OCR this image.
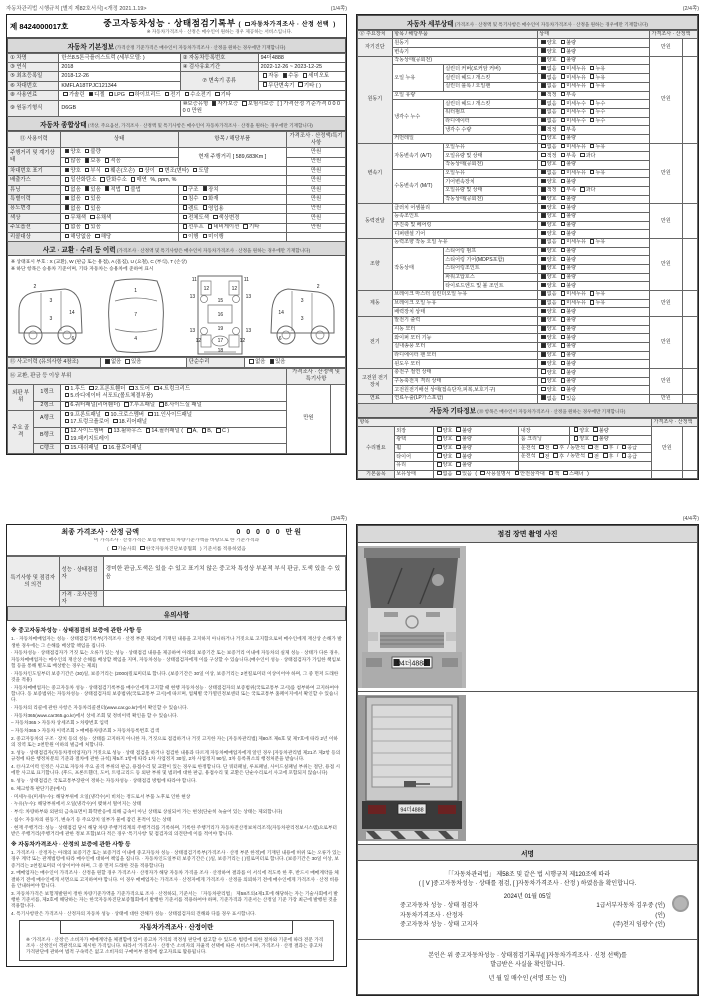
자동차관리법 시행규칙 [별지 제82호서식] <개정 2021.1.19>	(1/4쪽)
제 8424000017호	중고자동차성능 · 상태점검기록부 ( 자동차가격조사 · 산정 선택 )
※ 자동차가격조사 · 산정은 매수인이 원하는 경우 제공하는 서비스입니다.
자동차 기본정보 (가격산정 기준가격은 매수인이 자동차가격조사 · 산정을 원하는 경우에만 기재합니다)
① 차명	한쓰8.5톤극플러스트럭 (세부모델: )	② 자동차등록번호	94더4888
③ 연식	2018	④ 검사유효기간	2022-12-26 ~ 2023-12-25
⑤ 최초등록일	2018-12-26	⑦ 변속기 종류	자동 수동 세미오토
⑥ 차대번호	KMFLA18TPJC121344		무단변속기 기타 ( )
⑧ 사용연료	가솔린 디젤 LPG 하이브리드 전기 수소전기 기타		
⑨ 원동기형식	D6GB	⑩보증유형 자가보증 보험사보증 [ ] 가격산정 기준가격 0 0 0 0 0 만원	
자동차 종합상태 (색상, 주요옵션, 가격조사 · 산정액 및 특기사항은 매수인이 자동차가격조사 · 산정을 원하는 경우에만 기재합니다)
⑪ 사용이력	상태	항목 / 해당부품	가격조사 · 산정액/특기사항
주행거리 및 계기상태	양호 불량	현재 주행거리 [ 589,683Km ]	만원
	많음 보통 적음		만원
차대번호 표기	양호 부식 훼손(오손) 상이 변조(변타) 도말		만원
배출가스	일산화탄소 탄화수소 매연 %, ppm, %		만원
튜닝	없음 있음 적법 불법	구조 장치	만원
특별이력	없음 있음	침수 화재	만원
용도변경	없음 있음	렌트 영업용	만원
색상	무채색 유채색	전체도색 색상변경	만원
주요옵션	없음 있음	선루프 네비게이션 기타	만원
리콜대상	해당없음 해당	이행 미이행	
사고 · 교환 · 수리 등 이력 (가격조사 · 산정액 및 특기사항은 매수인이 자동차가격조사 · 산정을 원하는 경우에만 기재합니다)
※ 상태표시 부호 : X (교환), W (판금 또는 용접), A (흠집), U (요철), C (부식), T (손상)
※ 하단 항목은 승용차 기준이며, 기타 자동차는 승용차에 준하여 표시
2
3
14
3
6
1
7
4
11	11
12	12
13	13
15
16
13	13
19
12	17	12
18
2
3
14
3
6
⑮ 사고이력 (유의사항 4참조)	없음 있음	단순수리	없음 있음
⑯ 교환, 판금 등 이상 부위			가격조사 · 산정액 및 특기사항	
외판 부위	1랭크	1.후드 2.프론트휀더 3.도어 4.트렁크리드
5.라디에이터 서포트(볼트체결부품)	만원	
	2랭크	6.쿼터패널(리어휀더) 7.루프패널 8.사이드실 패널		
주요 골격	A랭크	9.프론트패널 10.크로스멤버 11.인사이드패널
17.트렁크플로어 18.리어패널		
	B랭크	12.사이드멤버 13.휠하우스 14.필러패널 ( A, B, C )
19.패키지트레이		
	C랭크	15.대쉬패널 16.플로어패널		
(2/4쪽)
자동차 세부상태 (가격조사 · 산정액 및 특기사항은 매수인이 자동차가격조사 · 산정을 원하는 경우에만 기재합니다)
⑰ 주요장치	항목 / 해당부품		상태	가격조사 · 산정액	
자기진단	원동기		양호 불량	만원	
	변속기		양호 불량		
원동기	작동상태(공회전)		양호 불량	만원	
	오일 누유	실린더 커버(로커암 커버)	없음 미세누유 누유		
		실린더 헤드 / 개스킷	없음 미세누유 누유		
		실린더 블록 / 오일팬	없음 미세누유 누유		
	오일 유량		적정 부족		
	냉각수 누수	실린더 헤드 / 개스킷	없음 미세누수 누수		
		워터펌프	없음 미세누수 누수		
		라디에이터	없음 미세누수 누수		
		냉각수 수량	적정 부족		
	커먼레일		양호 불량		
변속기	자동변속기 (A/T)	오일누유	없음 미세누유 누유	만원	
		오일유량 및 상태	적정 부족 과다		
		작동상태(공회전)	양호 불량		
	수동변속기 (M/T)	오일누유	없음 미세누유 누유		
		기어변속장치	양호 불량		
		오일유량 및 상태	적정 부족 과다		
		작동상태(공회전)	양호 불량		
동력전달	클러치 어셈블리		양호 불량	만원	
	등속조인트		양호 불량		
	추진축 및 베어링		양호 불량		
	디퍼렌셜 기어		양호 불량		
조향	동력조향 작동 오일 누유		없음 미세누유 누유	만원	
	작동상태	스티어링 펌프	양호 불량		
		스티어링 기어(MDPS포함)	양호 불량		
		스티어링조인트	양호 불량		
		파워고압호스	양호 불량		
		타이로드엔드 및 볼 조인트	양호 불량		
제동	브레이크 마스터 실린더오일 누유		없음 미세누유 누유	만원	
	브레이크 오일 누유		없음 미세누유 누유		
	배력장치 상태		양호 불량		
전기	발전기 출력		양호 불량	만원	
	시동 모터		양호 불량		
	와이퍼 모터 기능		양호 불량		
	실내송풍 모터		양호 불량		
	라디에이터 팬 모터		양호 불량		
	윈도우 모터		양호 불량		
고전원 전기장치	충전구 절연 상태		양호 불량	만원	
	구동축전지 격리 상태		양호 불량		
	고전원전기배선 상태(접속단자,피복,보호기구)		양호 불량		
연료	연료누출(LP가스포함)		없음 있음	만원	
자동차 기타정보 (⑱ 항목은 매수인이 자동차가격조사 · 산정을 원하는 경우에만 기재합니다)
항목					가격조사 · 산정액	
수리필요	외장	양호 불량	내장	양호 불량	만원	
	광택	양호 불량	룸 크리닝	양호 불량		
	휠	양호 불량	운전석 전 후 / 동반석 전 후 / 응급			
	타이어	양호 불량	운전석 전 후 / 동반석 전 후 / 응급			
	유리	양호 불량				
기본품목	보유상태	없음 있음 ( 사용설명서 안전삼각대 잭 스패너 )				
(3/4쪽)
최종 가격조사 · 산정 금액	0 0 0 0 0 만원
이 가격조사 · 산정가격은 보험개발원의 차량기준가액을 바탕으로 한 기준가격과
( 기술사회 한국자동차진단보증협회 ) 기준서를 적용하였음
특기사항 및 점검자의 의견	성능 · 상태점검자	경미한 판금,도색은 있을 수 있고 표기치 않은 중고차 특성상 부분적 부식 판금, 도색 있을 수 있음
	가격 · 조사산정자	
유의사항
※ 중고자동차성능 · 상태점검의 보증에 관한 사항 등
1. · 자동차매매업자는 성능 · 상태점검기록부(가격조사 · 산정 부분 제외)에 기재된 내용을 고지하지 아니하거나 거짓으로 고지함으로써 매수인에게 재산상 손해가 발생한 경우에는 그 손해를 배상할 책임을 집니다.
· 자동차성능 · 상태점검자가 거짓 또는 오류가 있는 성능 · 상태점검 내용을 제공하여 아래의 보증기간 또는 보증거리 이내에 자동차의 실제 성능 · 상태가 다른 경우, 자동차매매업자는 매수인의 재산상 손해를 배상할 책임을 지며, 자동차성능 · 상태점검자에게 이를 구상할 수 있습니다.(매수인이 성능 · 상태점검자가 가입한 책임보험 등을 통해 별도로 배상받는 경우는 제외)
· 자동차인도일부터 보증기간은 (30)일, 보증거리는 (2000)킬로미터로 합니다. (보증기간은 30일 이상, 보증거리는 2천킬로미터 이상이어야 하며, 그 중 먼저 도래한 것을 적용)
· 자동차매매업자는 중고자동차 성능 · 상태점검기록부를 매수인에게 고지할 때 현행 자동차성능 · 상태점검자의 보증범위(국토교통부 고시)를 첨부하여 고지하여야 합니다. 동 보증범위는 자동차성능 · 상태점검자의 보증범위(국토교통부 고시)에 따르며, 업체별 국가열린정보센터 또는 국토교통부 홈페이지에서 확인할 수 있습니다.
· 자동차의 리콜에 관한 사항은 자동차리콜센터(www.car.go.kr)에서 확인할 수 있습니다.
· 자동차365(www.car365.go.kr)에서 상세 조회 및 정비이력 확인을 할 수 있습니다.
– 자동차365 > 자동차 상세조회 > 차량번호 입력
– 자동차365 > 자동차 이력조회 > 매매용차량조회 > 자동차등록번호 검색
2. 중고자동차의 구조 · 장치 등의 성능 · 상태를 고지하지 아니한 자, 거짓으로 점검하거나 거짓 고지한 자는 [자동차관리법] 제80조 제6호 및 제7호에 따라 2년 이하의 징역 또는 2천만원 이하의 벌금에 처합니다.
3. 성능 · 상태점검자(자동차정비업자)가 거짓으로 성능 · 상태 점검을 하거나 점검한 내용과 다르게 자동차매매업자에게 알린 경우 [자동차관리법 제21조 제2항 등의 규정에 따른 행정처분의 기준과 절차에 관한 규칙] 제5조 1항에 따라 1차 사업정지 30일, 2차 사업정지 90일, 3차 등록취소의 행정처분을 받습니다.
4. ⑮사고이력 인정은 사고로 자동차 주요 골격 부위의 판금, 용접수리 및 교환이 있는 경우로 한정합니다. 단 쿼터패널, 루프패널, 사이드실패널 부위는 절단, 용접 시에만 사고로 표기합니다. (후드, 프론트휀더, 도어, 트렁크리드 등 외판 부위 및 범퍼에 대한 판금, 용접수리 및 교환은 단순수리로서 사고에 포함되지 않습니다)
5. 성능 · 상태점검은 국토교통부장관이 정하는 자동차성능 · 상태점검 방법에 따라야 합니다.
6. 체크항목 판단기준(예시)
· 미세누유(미세누수): 해당부위에 오일(냉각수)이 비치는 정도로서 부품 노후로 인한 현상
· 누유(누수): 해당부위에서 오일(냉각수)이 맺혀서 떨어지는 상태
· 부식: 차량하부와 외판의 금속표면이 화학반응에 의해 금속이 아닌 상태로 상실되어 가는 현상(단순히 녹슬어 있는 상태는 제외합니다)
· 침수: 자동차의 원동기, 변속기 등 주요장치 일부가 물에 잠긴 흔적이 있는 상태
· 현재 주행거리: 성능 · 상태점검 당시 해당 차량 주행거리계의 주행거리를 기록하며, 기록한 주행거리가 자동차전산정보처리조직(자동차관리정보시스템)으로부터 받은 주행거리(주행거리에 관한 정보 포함)보다 적은 경우 '특기사항' 및 점검자의 의견란에 이를 적어야 합니다.
※ 자동차가격조사 · 산정의 보증에 관한 사항 등
1. 가격조사 · 산정자는 아래의 보증기간 또는 보증거리 이내에 중고자동차 성능 · 상태점검기록부(가격조사 · 산정 부분 한정)에 기재된 내용에 허위 또는 오류가 있는 경우 계약 또는 관계법령에 따라 매수인에 대하여 책임을 집니다. · 자동차인도일부터 보증기간은 ( )일, 보증거리는 ( )킬로미터로 합니다. (보증기간은 30일 이상, 보증거리는 2천킬로미터 이상이어야 하며, 그 중 먼저 도래한 것을 적용합니다)
2. 매매업자는 매수인이 가격조사 · 산정을 원할 경우 가격조사 · 산정자가 해당 자동차 가격을 조사 · 산정하여 결과를 이 서식에 적도록 한 후, 반드시 매매계약을 체결하기 전에 매수인에게 서면으로 고지하여야 합니다. 이 경우 매매업자는 가격조사 · 산정자에게 가격조사 · 산정을 의뢰하기 전에 매수인에게 가격조사 · 산정 비용을 안내하여야 합니다.
3. 자동차가격은 보험개발원이 정한 차량기준가액을 기준가격으로 조사 · 산정하되, 기준서는 「자동차관리법」 제58조의4제1호에 해당하는 자는 기술사회에서 발행한 기준서를, 제2호에 해당하는 자는 한국자동차진단보증협회에서 발행한 기준서를 적용하여야 하며, 기준가격과 기준서는 산정일 기준 가장 최근에 발행된 것을 적용합니다.
4. 특기사항란은 가격조사 · 산정자의 자동차 성능 · 상태에 대한 견해가 성능 · 상태점검자의 견해와 다를 경우 표시합니다.
자동차가격조사 · 산정이란
※ '가격조사 · 산정'은 소비자가 매매계약을 체결함에 있어 중고차 가격의 적정성 판단에 참고할 수 있도록 법령에 의한 절차와 기준에 따라 전문 가격조사 · 산정인이 객관적으로 제시한 가격입니다. 따라서 '가격조사 · 산정'은 소비자의 자율적 선택에 따른 서비스이며, 가격조사 · 산정 결과는 중고차 가격판단에 관하여 법적 구속력은 없고 소비자의 구매여부 결정에 참고자료로 활용됩니다.
(4/4쪽)
점검 장면 촬영 사진
94더4888
94더4888
서명
「「자동차관리법」 제58조 및 같은 법 시행규칙 제120조에 따라
( [ V ]중고자동차성능 · 상태를 점검, [ ]자동차가격조사 · 산정 ) 하였음을 확인합니다.
2024년 01월 05일
중고자동차 성능 · 상태 점검자	1급서부자동차 김우중 (인)
자동차가격조사 · 산정자	(인)
중고자동차 성능 · 상태 고지자	(주)천지 임광수 (인)
본인은 위 중고자동차성능 · 상태점검기록부([ ]자동차가격조사 · 신청 선택)를
발급받은 사실을 확인합니다.
년 월 일 매수인 (서명 또는 인)
